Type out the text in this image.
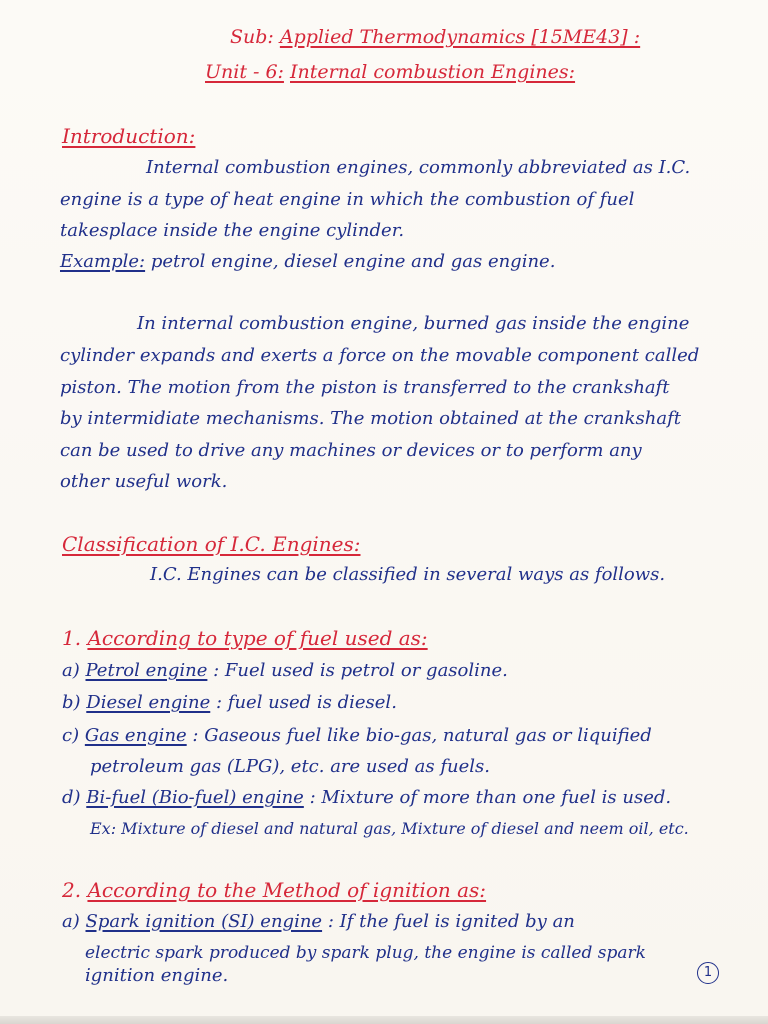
Sub: Applied Thermodynamics [15ME43] :
Unit - 6: Internal combustion Engines:
Introduction:
Internal combustion engines, commonly abbreviated as I.C.
engine is a type of heat engine in which the combustion of fuel
takesplace inside the engine cylinder.
Example: petrol engine, diesel engine and gas engine.
In internal combustion engine, burned gas inside the engine
cylinder expands and exerts a force on the movable component called
piston. The motion from the piston is transferred to the crankshaft
by intermidiate mechanisms. The motion obtained at the crankshaft
can be used to drive any machines or devices or to perform any
other useful work.
Classification of I.C. Engines:
I.C. Engines can be classified in several ways as follows.
1. According to type of fuel used as:
a) Petrol engine : Fuel used is petrol or gasoline.
b) Diesel engine : fuel used is diesel.
c) Gas engine : Gaseous fuel like bio-gas, natural gas or liquified
petroleum gas (LPG), etc. are used as fuels.
d) Bi-fuel (Bio-fuel) engine : Mixture of more than one fuel is used.
Ex: Mixture of diesel and natural gas, Mixture of diesel and neem oil, etc.
2. According to the Method of ignition as:
a) Spark ignition (SI) engine : If the fuel is ignited by an
electric spark produced by spark plug, the engine is called spark
ignition engine.	1
